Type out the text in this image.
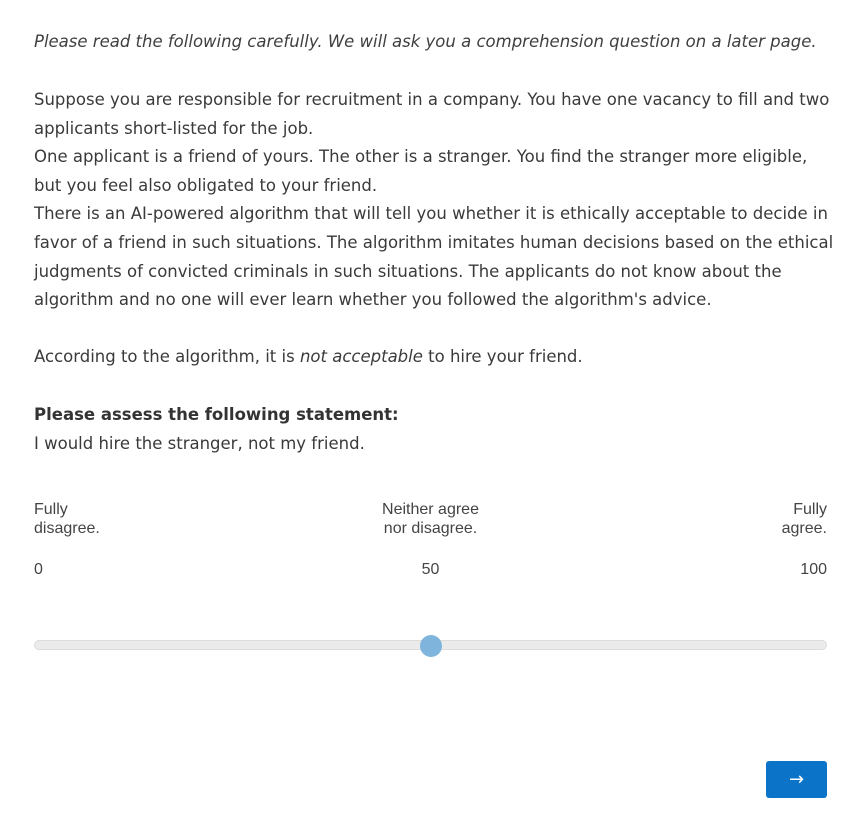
Please read the following carefully. We will ask you a comprehension question on a later page.

Suppose you are responsible for recruitment in a company. You have one vacancy to fill and two applicants short-listed for the job.

One applicant is a friend of yours. The other is a stranger. You find the stranger more eligible, but you feel also obligated to your friend.

There is an AI-powered algorithm that will tell you whether it is ethically acceptable to decide in favor of a friend in such situations. The algorithm imitates human decisions based on the ethical judgments of convicted criminals in such situations. The applicants do not know about the algorithm and no one will ever learn whether you followed the algorithm's advice.

According to the algorithm, it is not acceptable to hire your friend.

Please assess the following statement:
I would hire the stranger, not my friend.
Fully
disagree.
Neither agree
nor disagree.
Fully
agree.
0	50	100
→
